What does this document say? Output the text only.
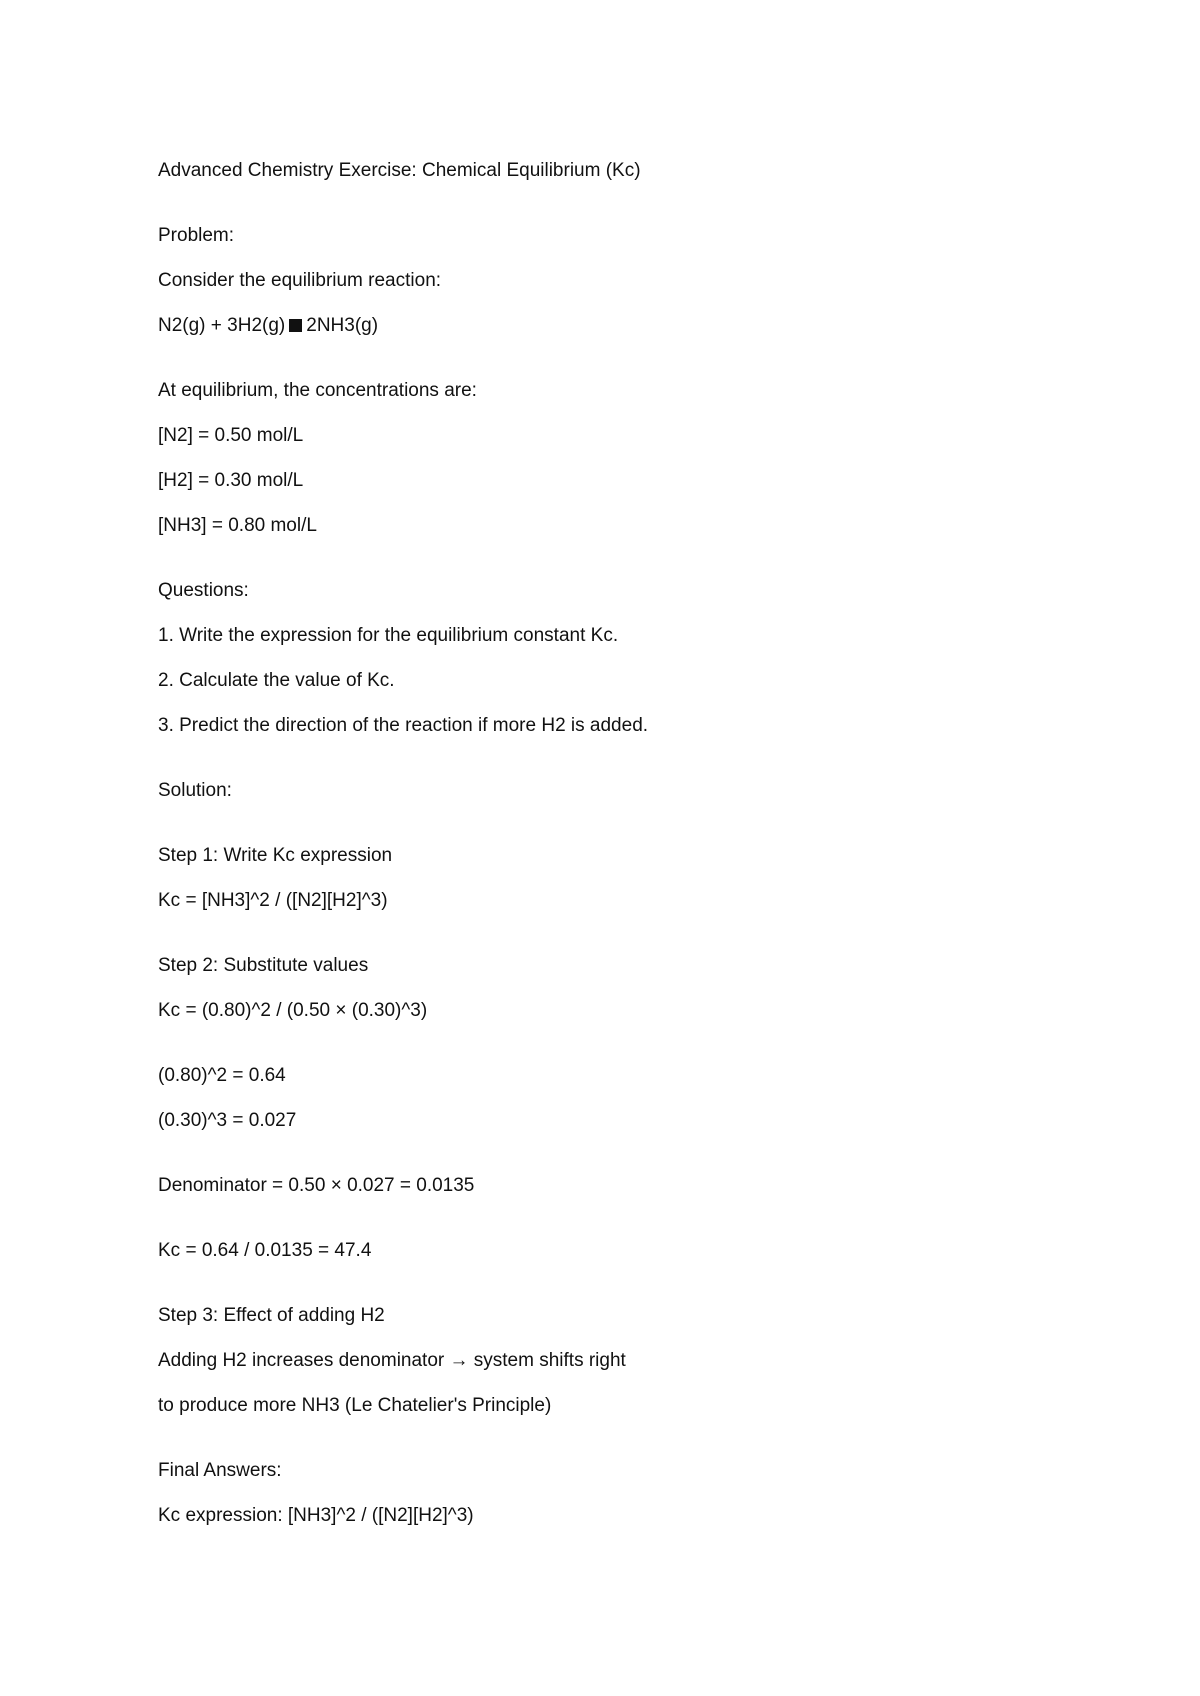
Advanced Chemistry Exercise: Chemical Equilibrium (Kc)

Problem:

Consider the equilibrium reaction:

N2(g) + 3H2(g) 2NH3(g)

At equilibrium, the concentrations are:

[N2] = 0.50 mol/L

[H2] = 0.30 mol/L

[NH3] = 0.80 mol/L

Questions:

1. Write the expression for the equilibrium constant Kc.

2. Calculate the value of Kc.

3. Predict the direction of the reaction if more H2 is added.

Solution:

Step 1: Write Kc expression

Kc = [NH3]^2 / ([N2][H2]^3)

Step 2: Substitute values

Kc = (0.80)^2 / (0.50 × (0.30)^3)

(0.80)^2 = 0.64

(0.30)^3 = 0.027

Denominator = 0.50 × 0.027 = 0.0135

Kc = 0.64 / 0.0135 = 47.4

Step 3: Effect of adding H2

Adding H2 increases denominator → system shifts right

to produce more NH3 (Le Chatelier's Principle)

Final Answers:

Kc expression: [NH3]^2 / ([N2][H2]^3)
